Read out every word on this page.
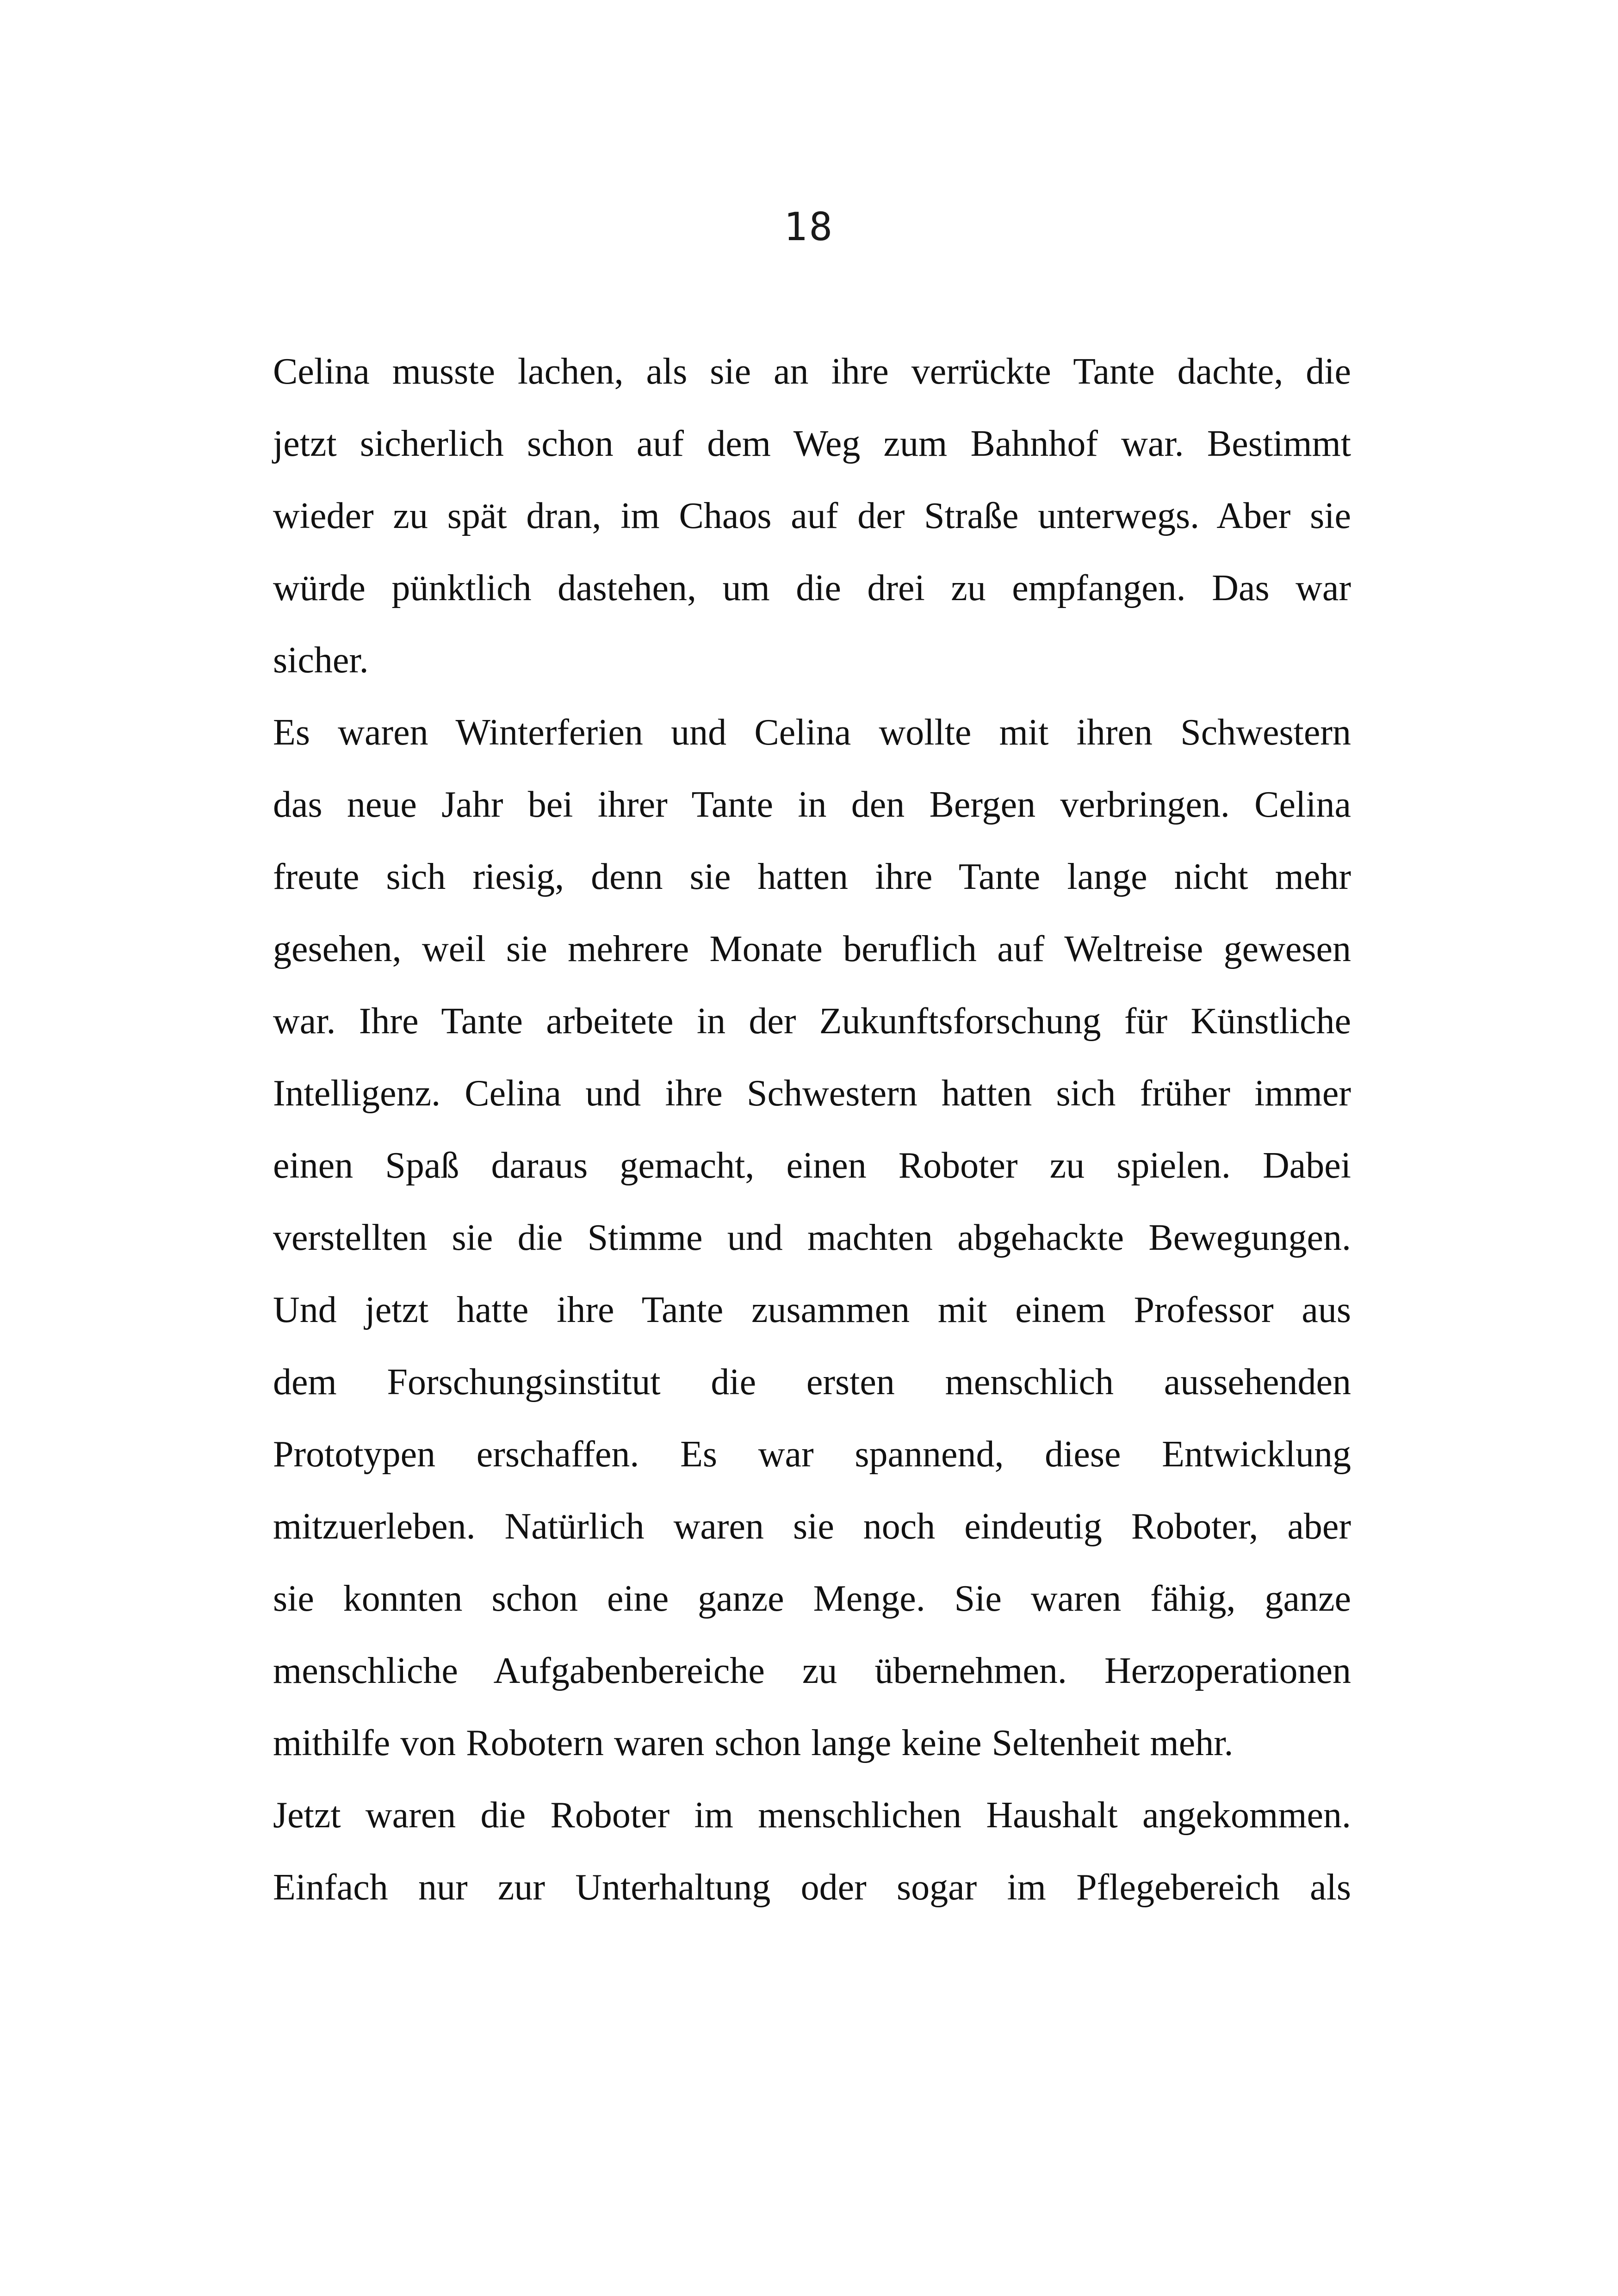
18
Celina musste lachen, als sie an ihre verrückte Tante dachte, die
jetzt sicherlich schon auf dem Weg zum Bahnhof war. Bestimmt
wieder zu spät dran, im Chaos auf der Straße unterwegs. Aber sie
würde pünktlich dastehen, um die drei zu empfangen. Das war
sicher.
Es waren Winterferien und Celina wollte mit ihren Schwestern
das neue Jahr bei ihrer Tante in den Bergen verbringen. Celina
freute sich riesig, denn sie hatten ihre Tante lange nicht mehr
gesehen, weil sie mehrere Monate beruflich auf Weltreise gewesen
war. Ihre Tante arbeitete in der Zukunftsforschung für Künstliche
Intelligenz. Celina und ihre Schwestern hatten sich früher immer
einen Spaß daraus gemacht, einen Roboter zu spielen. Dabei
verstellten sie die Stimme und machten abgehackte Bewegungen.
Und jetzt hatte ihre Tante zusammen mit einem Professor aus
dem Forschungsinstitut die ersten menschlich aussehenden
Prototypen erschaffen. Es war spannend, diese Entwicklung
mitzuerleben. Natürlich waren sie noch eindeutig Roboter, aber
sie konnten schon eine ganze Menge. Sie waren fähig, ganze
menschliche Aufgabenbereiche zu übernehmen. Herzoperationen
mithilfe von Robotern waren schon lange keine Seltenheit mehr.
Jetzt waren die Roboter im menschlichen Haushalt angekommen.
Einfach nur zur Unterhaltung oder sogar im Pflegebereich als
